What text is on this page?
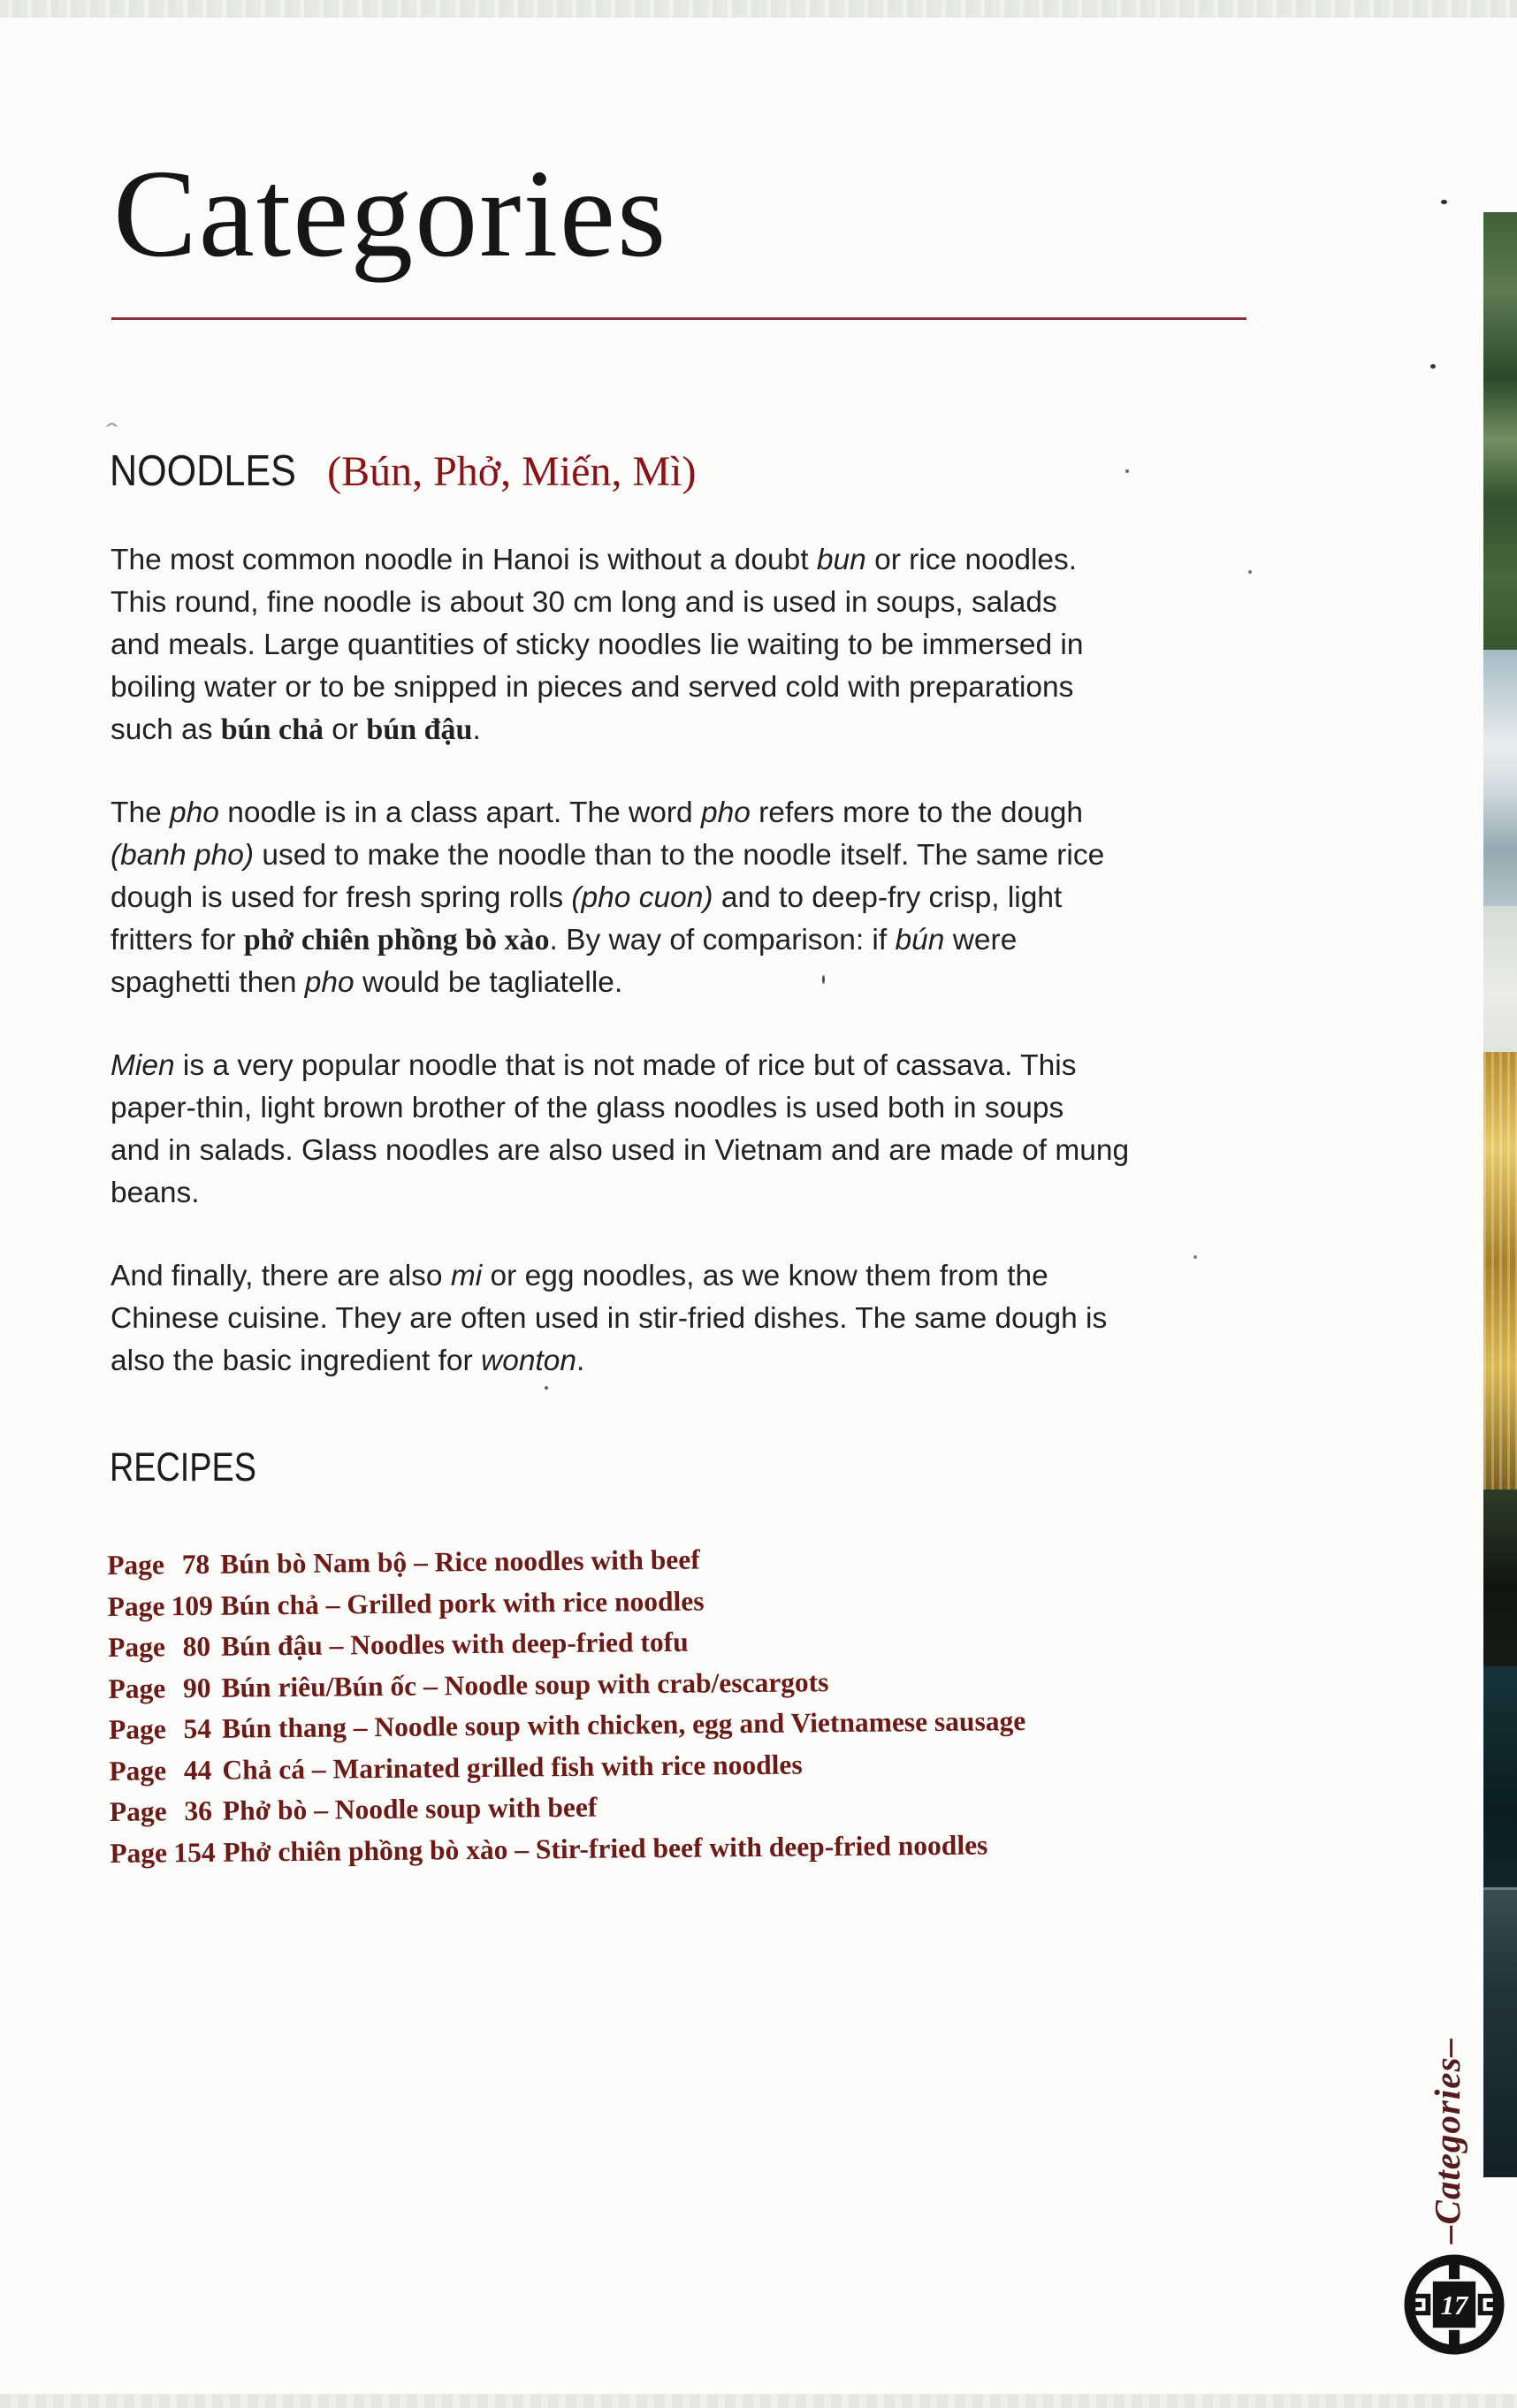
Categories
ˆ
NOODLES (Bún, Phở, Miến, Mì)

The most common noodle in Hanoi is without a doubt bun or rice noodles.
This round, fine noodle is about 30 cm long and is used in soups, salads
and meals. Large quantities of sticky noodles lie waiting to be immersed in
boiling water or to be snipped in pieces and served cold with preparations
such as bún chả or bún đậu.

The pho noodle is in a class apart. The word pho refers more to the dough
(banh pho) used to make the noodle than to the noodle itself. The same rice
dough is used for fresh spring rolls (pho cuon) and to deep-fry crisp, light
fritters for phở chiên phồng bò xào. By way of comparison: if bún were
spaghetti then pho would be tagliatelle.

Mien is a very popular noodle that is not made of rice but of cassava. This
paper-thin, light brown brother of the glass noodles is used both in soups
and in salads. Glass noodles are also used in Vietnam and are made of mung
beans.

And finally, there are also mi or egg noodles, as we know them from the
Chinese cuisine. They are often used in stir-fried dishes. The same dough is
also the basic ingredient for wonton.

RECIPES
Page 78 Bún bò Nam bộ – Rice noodles with beef
Page 109 Bún chả – Grilled pork with rice noodles
Page 80 Bún đậu – Noodles with deep-fried tofu
Page 90 Bún riêu/Bún ốc – Noodle soup with crab/escargots
Page 54 Bún thang – Noodle soup with chicken, egg and Vietnamese sausage
Page 44 Chả cá – Marinated grilled fish with rice noodles
Page 36 Phở bò – Noodle soup with beef
Page 154 Phở chiên phồng bò xào – Stir-fried beef with deep-fried noodles
–Categories–
17
